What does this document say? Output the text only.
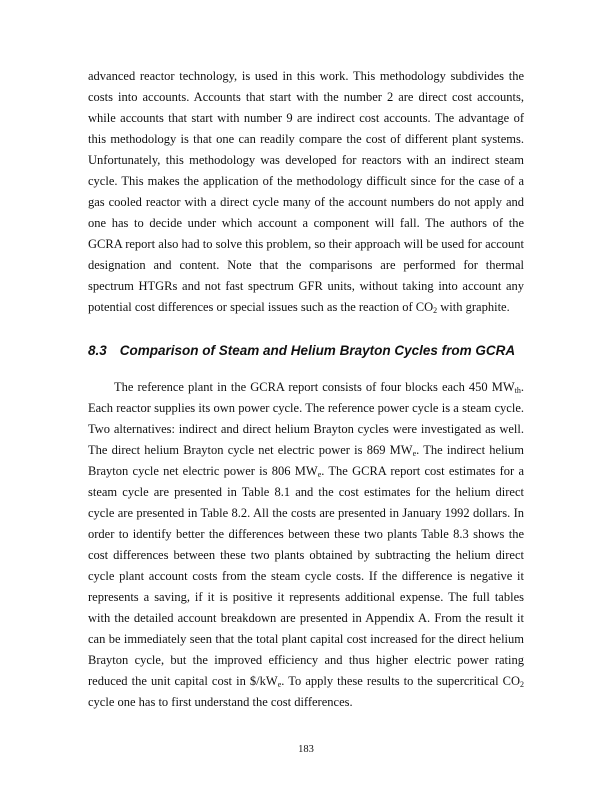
advanced reactor technology, is used in this work. This methodology subdivides the costs into accounts. Accounts that start with the number 2 are direct cost accounts, while accounts that start with number 9 are indirect cost accounts. The advantage of this methodology is that one can readily compare the cost of different plant systems. Unfortunately, this methodology was developed for reactors with an indirect steam cycle. This makes the application of the methodology difficult since for the case of a gas cooled reactor with a direct cycle many of the account numbers do not apply and one has to decide under which account a component will fall. The authors of the GCRA report also had to solve this problem, so their approach will be used for account designation and content. Note that the comparisons are performed for thermal spectrum HTGRs and not fast spectrum GFR units, without taking into account any potential cost differences or special issues such as the reaction of $CO_2$ with graphite.

8.3 Comparison of Steam and Helium Brayton Cycles from GCRA

The reference plant in the GCRA report consists of four blocks each 450 $MW_{th}$. Each reactor supplies its own power cycle. The reference power cycle is a steam cycle. Two alternatives: indirect and direct helium Brayton cycles were investigated as well. The direct helium Brayton cycle net electric power is 869 $MW_e$. The indirect helium Brayton cycle net electric power is 806 $MW_e$. The GCRA report cost estimates for a steam cycle are presented in Table 8.1 and the cost estimates for the helium direct cycle are presented in Table 8.2. All the costs are presented in January 1992 dollars. In order to identify better the differences between these two plants Table 8.3 shows the cost differences between these two plants obtained by subtracting the helium direct cycle plant account costs from the steam cycle costs. If the difference is negative it represents a saving, if it is positive it represents additional expense. The full tables with the detailed account breakdown are presented in Appendix A. From the result it can be immediately seen that the total plant capital cost increased for the direct helium Brayton cycle, but the improved efficiency and thus higher electric power rating reduced the unit capital cost in $\$/kW_e$. To apply these results to the supercritical $CO_2$ cycle one has to first understand the cost differences.

183
